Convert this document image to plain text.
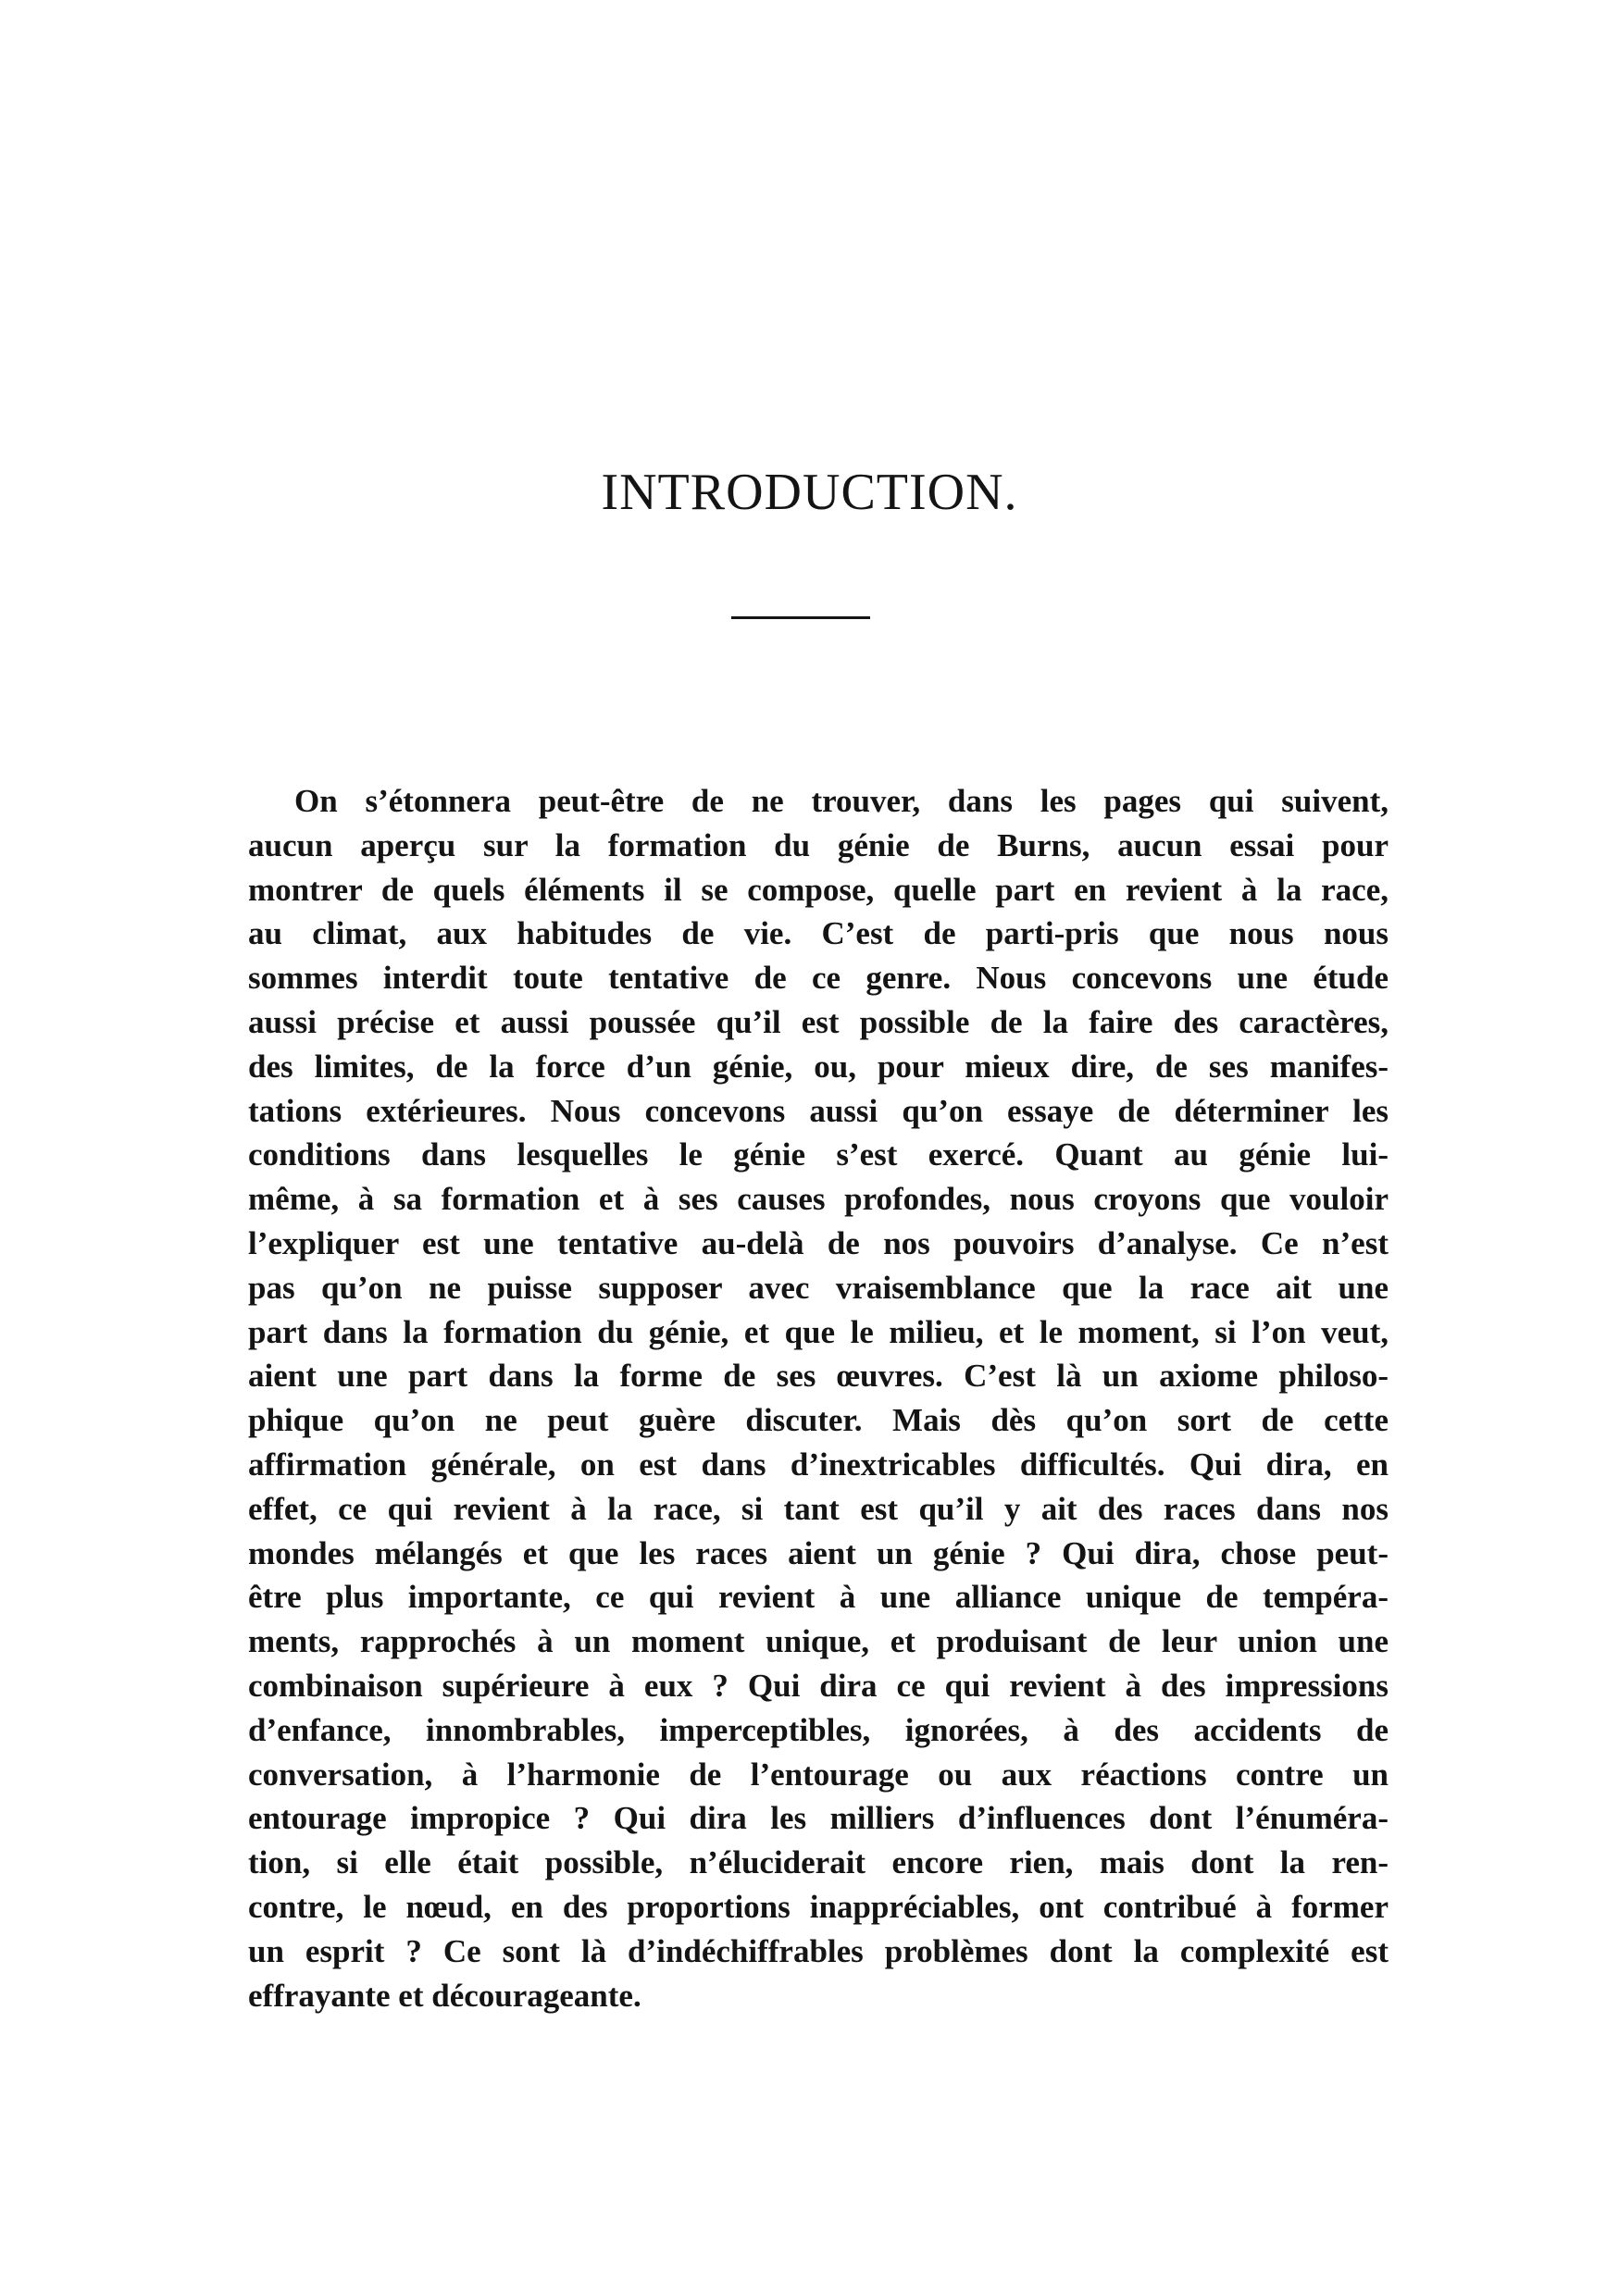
INTRODUCTION.
On s’étonnera peut-être de ne trouver, dans les pages qui suivent,
aucun aperçu sur la formation du génie de Burns, aucun essai pour
montrer de quels éléments il se compose, quelle part en revient à la race,
au climat, aux habitudes de vie. C’est de parti-pris que nous nous
sommes interdit toute tentative de ce genre. Nous concevons une étude
aussi précise et aussi poussée qu’il est possible de la faire des caractères,
des limites, de la force d’un génie, ou, pour mieux dire, de ses manifes-
tations extérieures. Nous concevons aussi qu’on essaye de déterminer les
conditions dans lesquelles le génie s’est exercé. Quant au génie lui-
même, à sa formation et à ses causes profondes, nous croyons que vouloir
l’expliquer est une tentative au-delà de nos pouvoirs d’analyse. Ce n’est
pas qu’on ne puisse supposer avec vraisemblance que la race ait une
part dans la formation du génie, et que le milieu, et le moment, si l’on veut,
aient une part dans la forme de ses œuvres. C’est là un axiome philoso-
phique qu’on ne peut guère discuter. Mais dès qu’on sort de cette
affirmation générale, on est dans d’inextricables difficultés. Qui dira, en
effet, ce qui revient à la race, si tant est qu’il y ait des races dans nos
mondes mélangés et que les races aient un génie ? Qui dira, chose peut-
être plus importante, ce qui revient à une alliance unique de tempéra-
ments, rapprochés à un moment unique, et produisant de leur union une
combinaison supérieure à eux ? Qui dira ce qui revient à des impressions
d’enfance, innombrables, imperceptibles, ignorées, à des accidents de
conversation, à l’harmonie de l’entourage ou aux réactions contre un
entourage impropice ? Qui dira les milliers d’influences dont l’énuméra-
tion, si elle était possible, n’éluciderait encore rien, mais dont la ren-
contre, le nœud, en des proportions inappréciables, ont contribué à former
un esprit ? Ce sont là d’indéchiffrables problèmes dont la complexité est
effrayante et décourageante.
